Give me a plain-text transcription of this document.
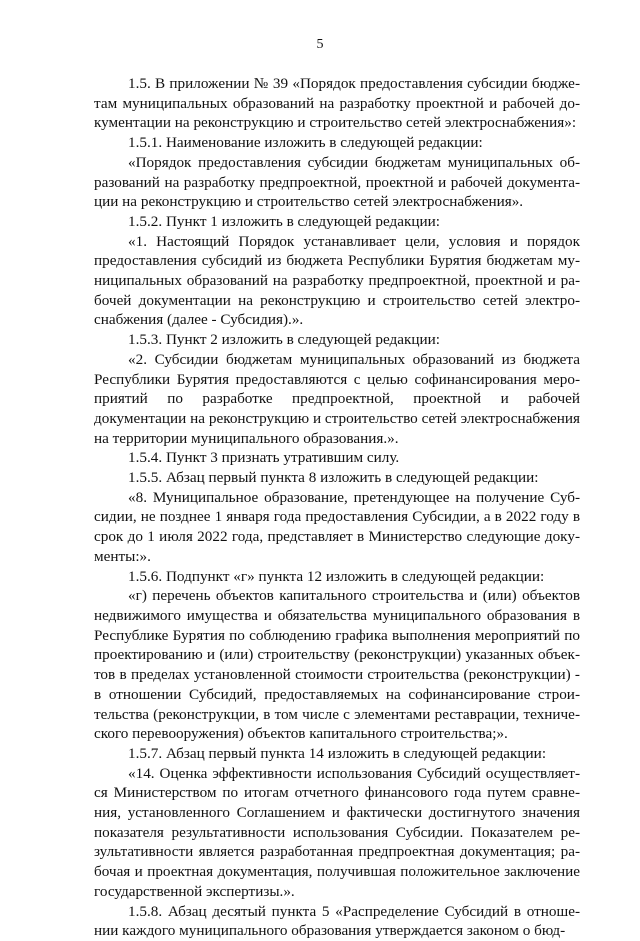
5

1.5. В приложении № 39 «Порядок предоставления субсидии бюджетам муниципальных образований на разработку проектной и рабочей документации на реконструкцию и строительство сетей электроснабжения»:

1.5.1. Наименование изложить в следующей редакции:

«Порядок предоставления субсидии бюджетам муниципальных образований на разработку предпроектной, проектной и рабочей документации на реконструкцию и строительство сетей электроснабжения».

1.5.2. Пункт 1 изложить в следующей редакции:

«1. Настоящий Порядок устанавливает цели, условия и порядок предоставления субсидий из бюджета Республики Бурятия бюджетам муниципальных образований на разработку предпроектной, проектной и рабочей документации на реконструкцию и строительство сетей электроснабжения (далее - Субсидия).».

1.5.3. Пункт 2 изложить в следующей редакции:

«2. Субсидии бюджетам муниципальных образований из бюджета Республики Бурятия предоставляются с целью софинансирования мероприятий по разработке предпроектной, проектной и рабочей документации на реконструкцию и строительство сетей электроснабжения на территории муниципального образования.».

1.5.4. Пункт 3 признать утратившим силу.

1.5.5. Абзац первый пункта 8 изложить в следующей редакции:

«8. Муниципальное образование, претендующее на получение Субсидии, не позднее 1 января года предоставления Субсидии, а в 2022 году в срок до 1 июля 2022 года, представляет в Министерство следующие документы:».

1.5.6. Подпункт «г» пункта 12 изложить в следующей редакции:

«г) перечень объектов капитального строительства и (или) объектов недвижимого имущества и обязательства муниципального образования в Республике Бурятия по соблюдению графика выполнения мероприятий по проектированию и (или) строительству (реконструкции) указанных объектов в пределах установленной стоимости строительства (реконструкции) - в отношении Субсидий, предоставляемых на софинансирование строительства (реконструкции, в том числе с элементами реставрации, технического перевооружения) объектов капитального строительства;».

1.5.7. Абзац первый пункта 14 изложить в следующей редакции:

«14. Оценка эффективности использования Субсидий осуществляется Министерством по итогам отчетного финансового года путем сравнения, установленного Соглашением и фактически достигнутого значения показателя результативности использования Субсидии. Показателем результативности является разработанная предпроектная документация; рабочая и проектная документация, получившая положительное заключение государственной экспертизы.».

1.5.8. Абзац десятый пункта 5 «Распределение Субсидий в отношении каждого муниципального образования утверждается законом о бюд-
